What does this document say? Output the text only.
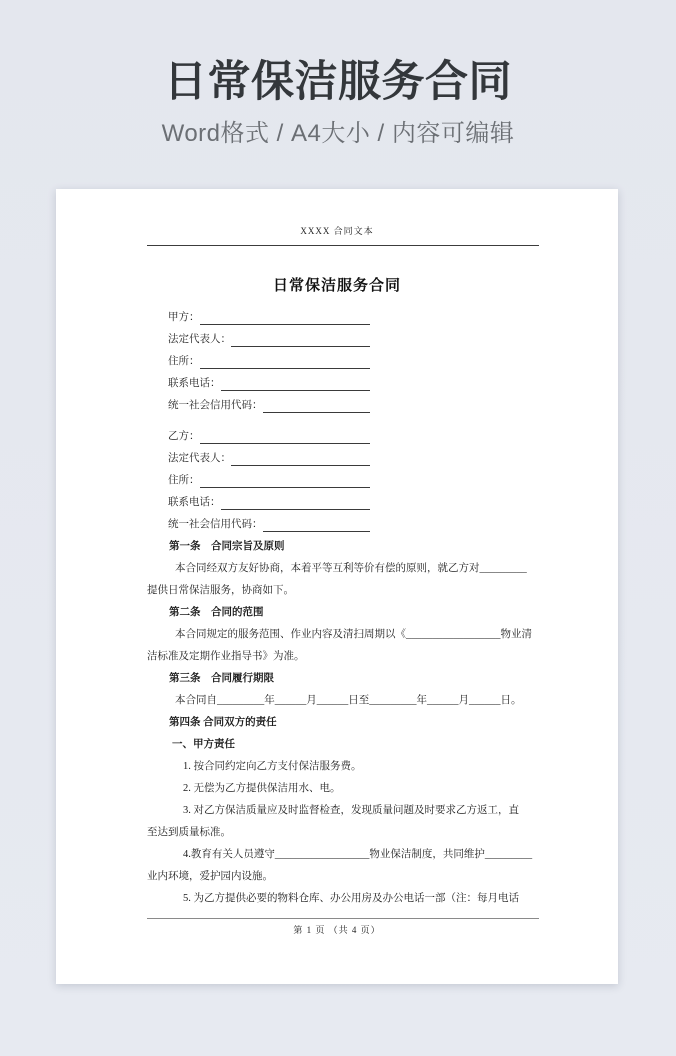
日常保洁服务合同

Word格式 / A4大小 / 内容可编辑

XXXX 合同文本
日常保洁服务合同
甲方：
法定代表人：
住所：
联系电话：
统一社会信用代码：
乙方：
法定代表人：
住所：
联系电话：
统一社会信用代码：
第一条　合同宗旨及原则
本合同经双方友好协商，本着平等互利等价有偿的原则，就乙方对_________
提供日常保洁服务，协商如下。
第二条　合同的范围
本合同规定的服务范围、作业内容及清扫周期以《__________________物业清
洁标准及定期作业指导书》为准。
第三条　合同履行期限
本合同自_________年______月______日至_________年______月______日。
第四条 合同双方的责任
一、甲方责任
1. 按合同约定向乙方支付保洁服务费。
2. 无偿为乙方提供保洁用水、电。
3. 对乙方保洁质量应及时监督检查，发现质量问题及时要求乙方返工，直
至达到质量标准。
4.教育有关人员遵守__________________物业保洁制度，共同维护_________
业内环境，爱护园内设施。
5. 为乙方提供必要的物料仓库、办公用房及办公电话一部（注：每月电话
第 1 页 （共 4 页）
